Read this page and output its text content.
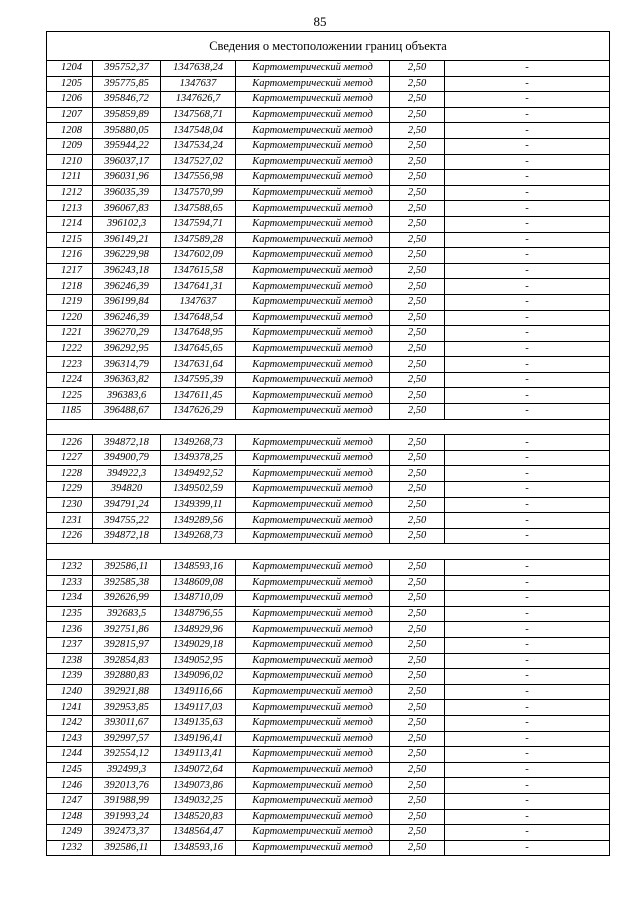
85
Сведения о местоположении границ объекта					
1204	395752,37	1347638,24	Картометрический метод	2,50	-
1205	395775,85	1347637	Картометрический метод	2,50	-
1206	395846,72	1347626,7	Картометрический метод	2,50	-
1207	395859,89	1347568,71	Картометрический метод	2,50	-
1208	395880,05	1347548,04	Картометрический метод	2,50	-
1209	395944,22	1347534,24	Картометрический метод	2,50	-
1210	396037,17	1347527,02	Картометрический метод	2,50	-
1211	396031,96	1347556,98	Картометрический метод	2,50	-
1212	396035,39	1347570,99	Картометрический метод	2,50	-
1213	396067,83	1347588,65	Картометрический метод	2,50	-
1214	396102,3	1347594,71	Картометрический метод	2,50	-
1215	396149,21	1347589,28	Картометрический метод	2,50	-
1216	396229,98	1347602,09	Картометрический метод	2,50	-
1217	396243,18	1347615,58	Картометрический метод	2,50	-
1218	396246,39	1347641,31	Картометрический метод	2,50	-
1219	396199,84	1347637	Картометрический метод	2,50	-
1220	396246,39	1347648,54	Картометрический метод	2,50	-
1221	396270,29	1347648,95	Картометрический метод	2,50	-
1222	396292,95	1347645,65	Картометрический метод	2,50	-
1223	396314,79	1347631,64	Картометрический метод	2,50	-
1224	396363,82	1347595,39	Картометрический метод	2,50	-
1225	396383,6	1347611,45	Картометрический метод	2,50	-
1185	396488,67	1347626,29	Картометрический метод	2,50	-

1226	394872,18	1349268,73	Картометрический метод	2,50	-
1227	394900,79	1349378,25	Картометрический метод	2,50	-
1228	394922,3	1349492,52	Картометрический метод	2,50	-
1229	394820	1349502,59	Картометрический метод	2,50	-
1230	394791,24	1349399,11	Картометрический метод	2,50	-
1231	394755,22	1349289,56	Картометрический метод	2,50	-
1226	394872,18	1349268,73	Картометрический метод	2,50	-

1232	392586,11	1348593,16	Картометрический метод	2,50	-
1233	392585,38	1348609,08	Картометрический метод	2,50	-
1234	392626,99	1348710,09	Картометрический метод	2,50	-
1235	392683,5	1348796,55	Картометрический метод	2,50	-
1236	392751,86	1348929,96	Картометрический метод	2,50	-
1237	392815,97	1349029,18	Картометрический метод	2,50	-
1238	392854,83	1349052,95	Картометрический метод	2,50	-
1239	392880,83	1349096,02	Картометрический метод	2,50	-
1240	392921,88	1349116,66	Картометрический метод	2,50	-
1241	392953,85	1349117,03	Картометрический метод	2,50	-
1242	393011,67	1349135,63	Картометрический метод	2,50	-
1243	392997,57	1349196,41	Картометрический метод	2,50	-
1244	392554,12	1349113,41	Картометрический метод	2,50	-
1245	392499,3	1349072,64	Картометрический метод	2,50	-
1246	392013,76	1349073,86	Картометрический метод	2,50	-
1247	391988,99	1349032,25	Картометрический метод	2,50	-
1248	391993,24	1348520,83	Картометрический метод	2,50	-
1249	392473,37	1348564,47	Картометрический метод	2,50	-
1232	392586,11	1348593,16	Картометрический метод	2,50	-
